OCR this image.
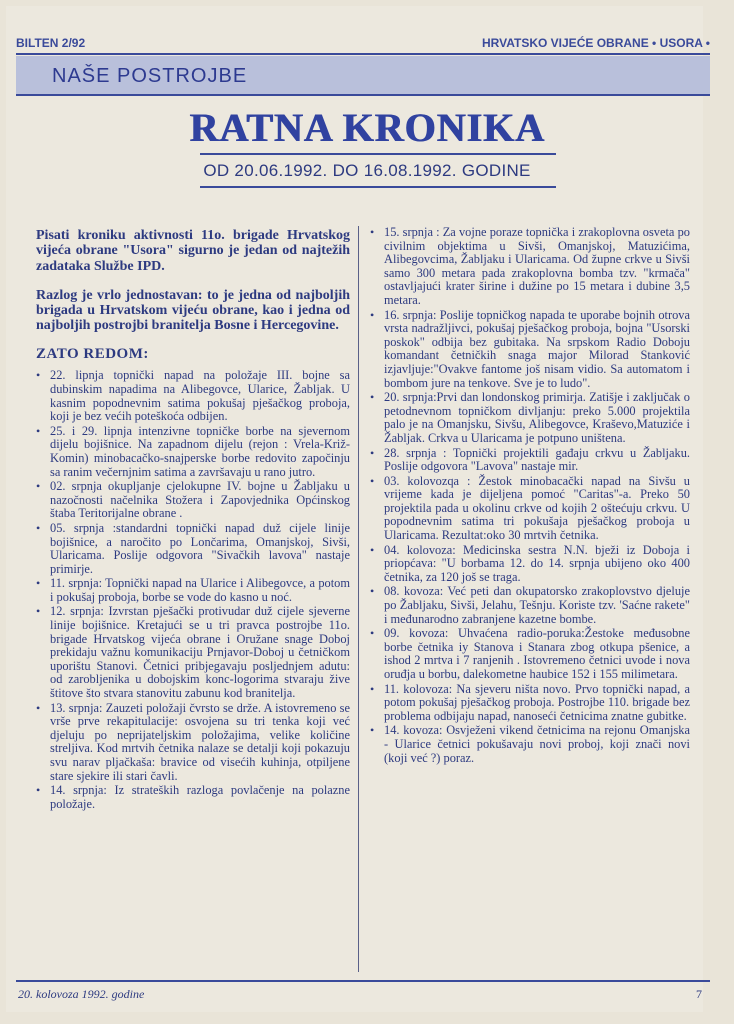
BILTEN 2/92	HRVATSKO VIJEĆE OBRANE • USORA •
NAŠE POSTROJBE
RATNA KRONIKA
OD 20.06.1992. DO 16.08.1992. GODINE

Pisati kroniku aktivnosti 11o. brigade Hrvatskog vijeća obrane "Usora" sigurno je jedan od najtežih zadataka Službe IPD.

Razlog je vrlo jednostavan: to je jedna od najboljih brigada u Hrvatskom vijeću obrane, kao i jedna od najboljih postrojbi branitelja Bosne i Hercegovine.

ZATO REDOM:
• 22. lipnja topnički napad na položaje III. bojne sa dubinskim napadima na Alibegovce, Ularice, Žabljak. U kasnim popodnevnim satima pokušaj pješačkog proboja, koji je bez većih poteškoća odbijen.
• 25. i 29. lipnja intenzivne topničke borbe na sjevernom dijelu bojišnice. Na zapadnom dijelu (rejon : Vrela-Križ-Komin) minobacačko-snajperske borbe redovito započinju sa ranim večernjnim satima a završavaju u rano jutro.
• 02. srpnja okupljanje cjelokupne IV. bojne u Žabljaku u nazočnosti načelnika Stožera i Zapovjednika Općinskog štaba Teritorijalne obrane .
• 05. srpnja :standardni topnički napad duž cijele linije bojišnice, a naročito po Lončarima, Omanjskoj, Sivši, Ularicama. Poslije odgovora "Sivačkih lavova" nastaje primirje.
• 11. srpnja: Topnički napad na Ularice i Alibegovce, a potom i pokušaj proboja, borbe se vode do kasno u noć.
• 12. srpnja: Izvrstan pješački protivudar duž cijele sjeverne linije bojišnice. Kretajući se u tri pravca postrojbe 11o. brigade Hrvatskog vijeća obrane i Oružane snage Doboj prekidaju važnu komunikaciju Prnjavor-Doboj u četničkom uporištu Stanovi. Četnici pribjegavaju posljednjem adutu: od zarobljenika u dobojskim konc-logorima stvaraju žive štitove što stvara stanovitu zabunu kod branitelja.
• 13. srpnja: Zauzeti položaji čvrsto se drže. A istovremeno se vrše prve rekapitulacije: osvojena su tri tenka koji već djeluju po neprijateljskim položajima, velike količine streljiva. Kod mrtvih četnika nalaze se detalji koji pokazuju svu narav pljačkaša: bravice od visećih kuhinja, otpiljene stare sjekire ili stari čavli.
• 14. srpnja: Iz strateških razloga povlačenje na polazne položaje.
• 15. srpnja : Za vojne poraze topnička i zrakoplovna osveta po civilnim objektima u Sivši, Omanjskoj, Matuzićima, Alibegovcima, Žabljaku i Ularicama. Od župne crkve u Sivši samo 300 metara pada zrakoplovna bomba tzv. "krmača" ostavljajući krater širine i dužine po 15 metara i dubine 3,5 metara.
• 16. srpnja: Poslije topničkog napada te uporabe bojnih otrova vrsta nadražljivci, pokušaj pješačkog proboja, bojna "Usorski poskok" odbija bez gubitaka. Na srpskom Radio Doboju komandant četničkih snaga major Milorad Stanković izjavljuje:"Ovakve fantome još nisam vidio. Sa automatom i bombom jure na tenkove. Sve je to ludo".
• 20. srpnja:Prvi dan londonskog primirja. Zatišje i zaključak o petodnevnom topničkom divljanju: preko 5.000 projektila palo je na Omanjsku, Sivšu, Alibegovce, Kraševo,Matuziće i Žabljak. Crkva u Ularicama je potpuno uništena.
• 28. srpnja : Topnički projektili gađaju crkvu u Žabljaku. Poslije odgovora "Lavova" nastaje mir.
• 03. kolovozqa : Žestok minobacački napad na Sivšu u vrijeme kada je dijeljena pomoć "Caritas"-a. Preko 50 projektila pada u okolinu crkve od kojih 2 oštećuju crkvu. U popodnevnim satima tri pokušaja pješačkog proboja u Ularicama. Rezultat:oko 30 mrtvih četnika.
• 04. kolovoza: Medicinska sestra N.N. bježi iz Doboja i priopćava: "U borbama 12. do 14. srpnja ubijeno oko 400 četnika, za 120 još se traga.
• 08. kovoza: Već peti dan okupatorsko zrakoplovstvo djeluje po Žabljaku, Sivši, Jelahu, Tešnju. Koriste tzv. 'Saćne rakete" i međunarodno zabranjene kazetne bombe.
• 09. kovoza: Uhvaćena radio-poruka:Žestoke međusobne borbe četnika iy Stanova i Stanara zbog otkupa pšenice, a ishod 2 mrtva i 7 ranjenih . Istovremeno četnici uvode i nova oruđja u borbu, dalekometne haubice 152 i 155 milimetara.
• 11. kolovoza: Na sjeveru ništa novo. Prvo topnički napad, a potom pokušaj pješačkog proboja. Postrojbe 110. brigade bez problema odbijaju napad, nanoseći četnicima znatne gubitke.
• 14. kovoza: Osvježeni vikend četnicima na rejonu Omanjska - Ularice četnici pokušavaju novi proboj, koji znači novi (koji već ?) poraz.
20. kolovoza 1992. godine	7
